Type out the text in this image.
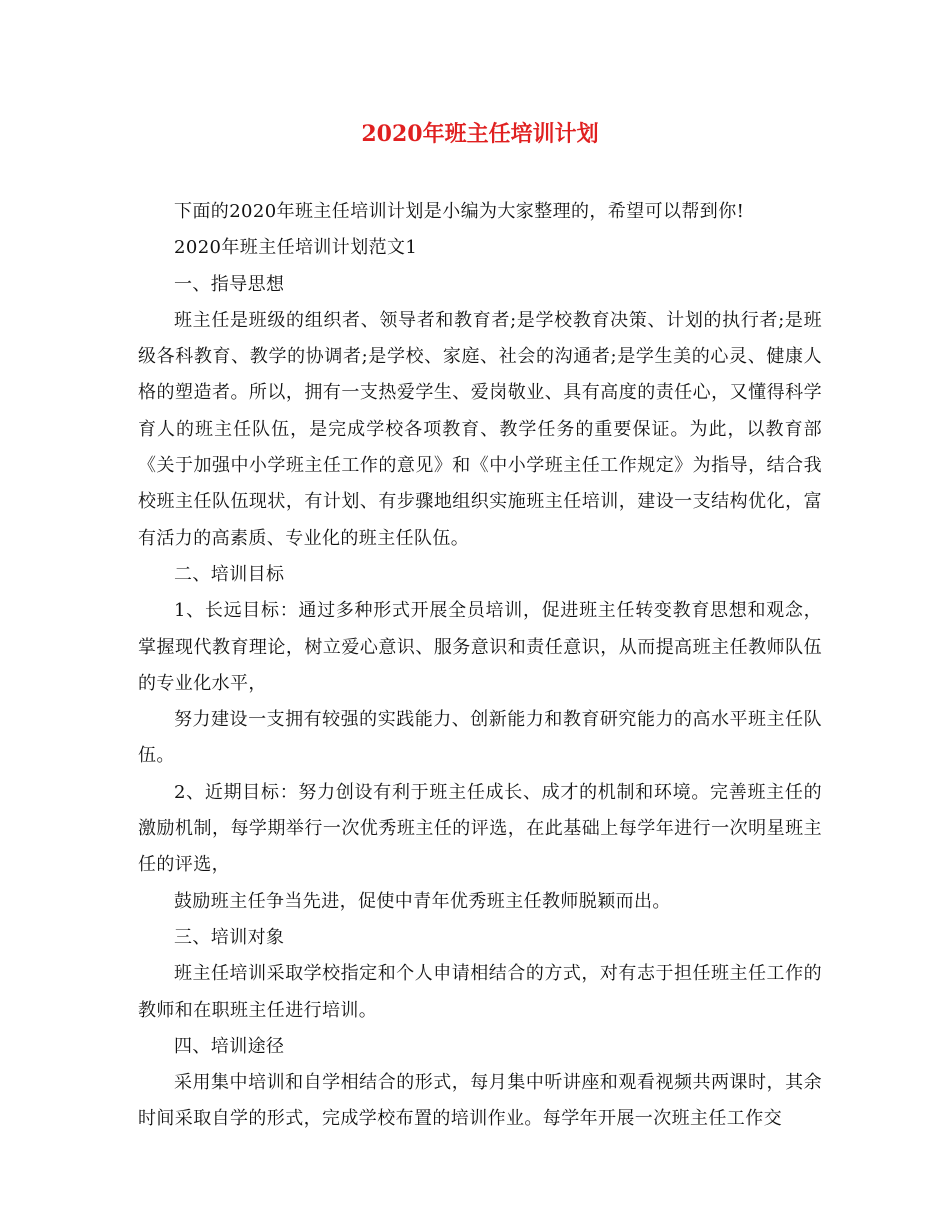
2020年班主任培训计划

下面的2020年班主任培训计划是小编为大家整理的，希望可以帮到你!

2020年班主任培训计划范文1

一、指导思想

班主任是班级的组织者、领导者和教育者;是学校教育决策、计划的执行者;是班级各科教育、教学的协调者;是学校、家庭、社会的沟通者;是学生美的心灵、健康人格的塑造者。所以，拥有一支热爱学生、爱岗敬业、具有高度的责任心，又懂得科学育人的班主任队伍，是完成学校各项教育、教学任务的重要保证。为此，以教育部《关于加强中小学班主任工作的意见》和《中小学班主任工作规定》为指导，结合我校班主任队伍现状，有计划、有步骤地组织实施班主任培训，建设一支结构优化，富有活力的高素质、专业化的班主任队伍。

二、培训目标

1、长远目标：通过多种形式开展全员培训，促进班主任转变教育思想和观念，掌握现代教育理论，树立爱心意识、服务意识和责任意识，从而提高班主任教师队伍的专业化水平，

努力建设一支拥有较强的实践能力、创新能力和教育研究能力的高水平班主任队伍。

2、近期目标：努力创设有利于班主任成长、成才的机制和环境。完善班主任的激励机制，每学期举行一次优秀班主任的评选，在此基础上每学年进行一次明星班主任的评选，

鼓励班主任争当先进，促使中青年优秀班主任教师脱颖而出。

三、培训对象

班主任培训采取学校指定和个人申请相结合的方式，对有志于担任班主任工作的教师和在职班主任进行培训。

四、培训途径

采用集中培训和自学相结合的形式，每月集中听讲座和观看视频共两课时，其余时间采取自学的形式，完成学校布置的培训作业。每学年开展一次班主任工作交
